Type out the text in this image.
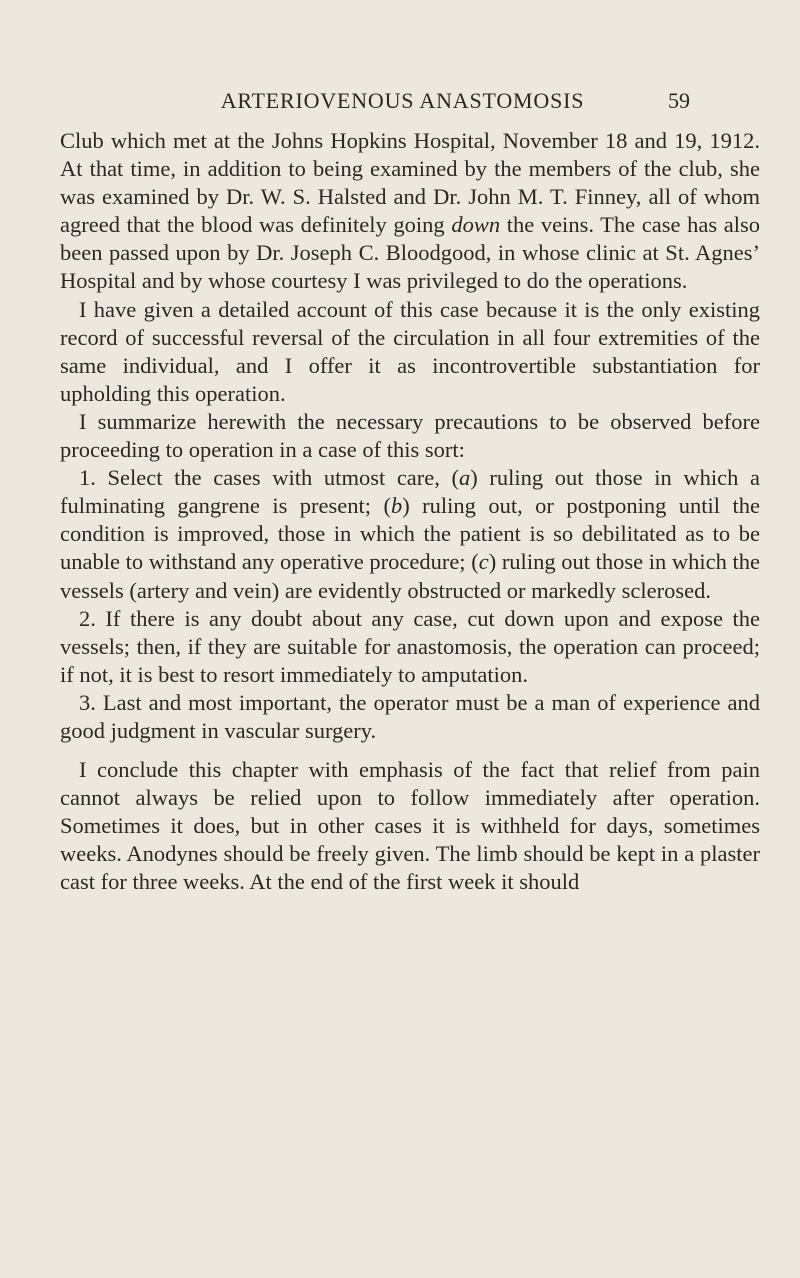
ARTERIOVENOUS ANASTOMOSIS	59

Club which met at the Johns Hopkins Hospital, November 18 and 19, 1912. At that time, in addition to being examined by the members of the club, she was examined by Dr. W. S. Halsted and Dr. John M. T. Finney, all of whom agreed that the blood was definitely going down the veins. The case has also been passed upon by Dr. Joseph C. Bloodgood, in whose clinic at St. Agnes’ Hospital and by whose courtesy I was privileged to do the operations.

I have given a detailed account of this case because it is the only existing record of successful reversal of the circulation in all four extremities of the same individual, and I offer it as incontrovertible substantiation for upholding this operation.

I summarize herewith the necessary precautions to be observed before proceeding to operation in a case of this sort:

1. Select the cases with utmost care, (a) ruling out those in which a fulminating gangrene is present; (b) ruling out, or postponing until the condition is improved, those in which the patient is so debilitated as to be unable to withstand any operative procedure; (c) ruling out those in which the vessels (artery and vein) are evidently obstructed or markedly sclerosed.

2. If there is any doubt about any case, cut down upon and expose the vessels; then, if they are suitable for anastomosis, the operation can proceed; if not, it is best to resort immediately to amputation.

3. Last and most important, the operator must be a man of experience and good judgment in vascular surgery.

I conclude this chapter with emphasis of the fact that relief from pain cannot always be relied upon to follow immediately after operation. Sometimes it does, but in other cases it is withheld for days, sometimes weeks. Anodynes should be freely given. The limb should be kept in a plaster cast for three weeks. At the end of the first week it should
